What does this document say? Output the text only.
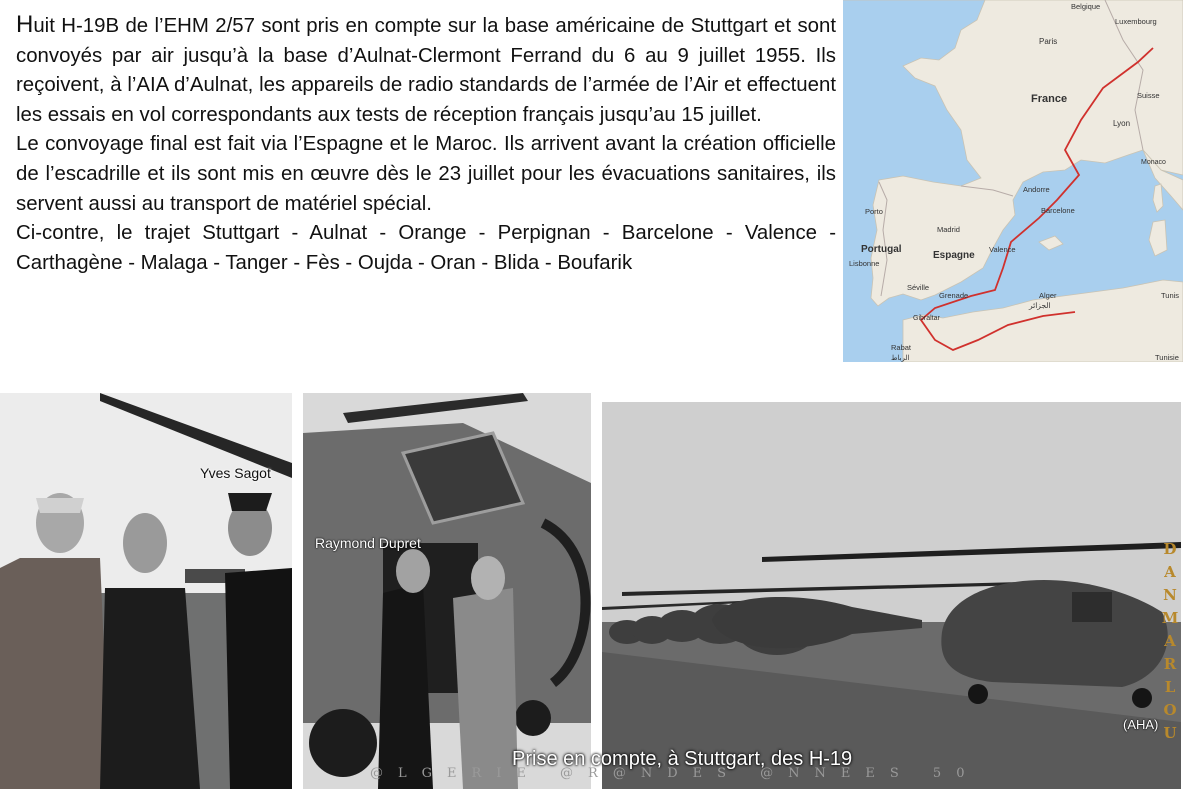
Huit H-19B de l’EHM 2/57 sont pris en compte sur la base américaine de Stuttgart et sont convoyés par air jusqu’à la base d’Aulnat-Clermont Ferrand du 6 au 9 juillet 1955. Ils reçoivent, à l’AIA d’Aulnat, les appareils de radio standards de l’armée de l’Air et effectuent les essais en vol correspondants aux tests de réception français jusqu’au 15 juillet.

Le convoyage final est fait via l’Espagne et le Maroc. Ils arrivent avant la création officielle de l’escadrille et ils sont mis en œuvre dès le 23 juillet pour les évacuations sanitaires, ils servent aussi au transport de matériel spécial.

Ci-contre, le trajet Stuttgart - Aulnat - Orange - Perpignan - Barcelone - Valence - Carthagène - Malaga - Tanger - Fès - Oujda - Oran - Blida - Boufarik

Belgique
Luxembourg
Paris
France	Suisse
Lyon
Monaco
Andorre
Barcelone
Madrid
Porto
Portugal
Espagne
Lisbonne
Valence
Séville
Grenade
Gibraltar
Alger
الجزائر
Rabat
الرباط
Tunis
Tunisie
Yves Sagot
Raymond Dupret
(AHA)
@LGERIE @R@NDES @NNEES 50
Prise en compte, à Stuttgart, des H-19
D
A
N
M
A
R
L
O
U
